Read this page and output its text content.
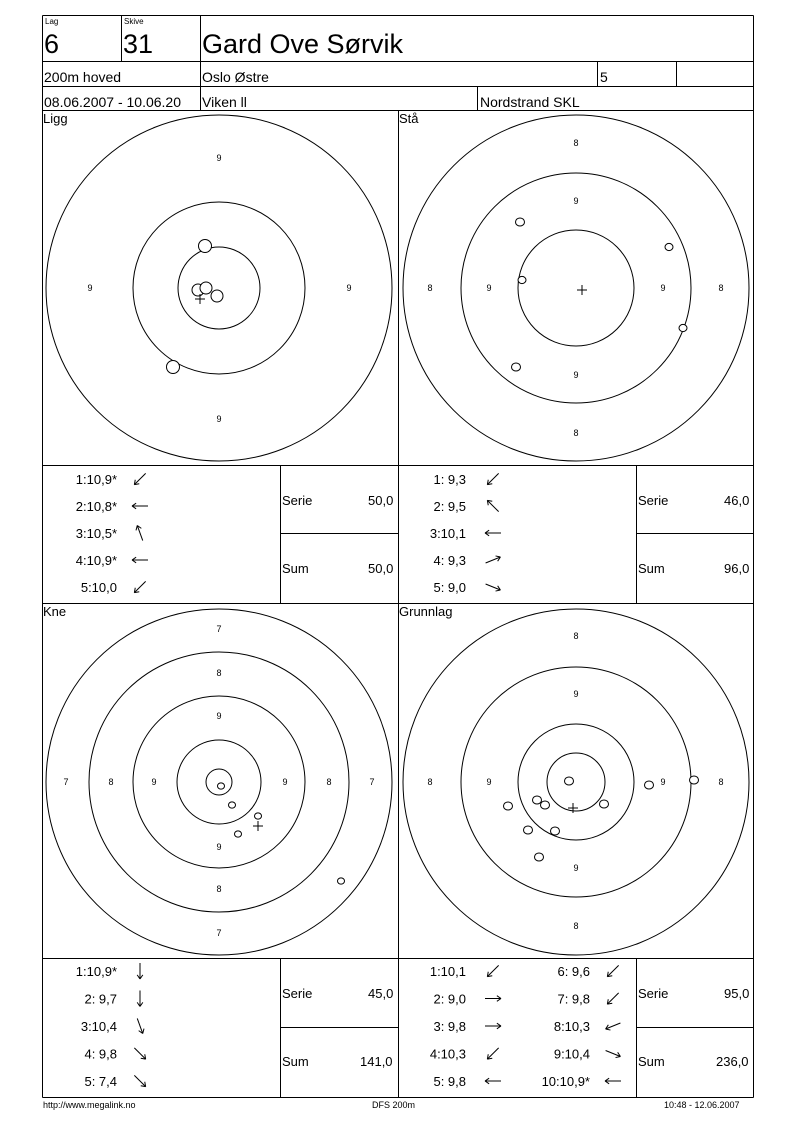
Lag
6
Skive
31 Gard Ove Sørvik
200m hoved	Oslo Østre	5
08.06.2007 - 10.06.20 Viken ll	Nordstrand SKL
Ligg	Stå
Kne	Grunnlag
Serie	50,0
Sum	50,0
Serie	46,0
Sum	96,0
Serie	45,0
Sum	141,0
Serie	95,0
Sum	236,0
http://www.megalink.no	DFS 200m	10:48 - 12.06.2007
9
9
9	9
8
9
9
8
8	9	9	8
7
8
9
9
8
7
7	8	9	9	8	7
8
9
9
8
8	9	9	8
1:10,9*
2:10,8*
3:10,5*
4:10,9*
5:10,0
1: 9,3
2: 9,5
3:10,1
4: 9,3
5: 9,0
1:10,9*
2: 9,7
3:10,4
4: 9,8
5: 7,4
1:10,1
2: 9,0
3: 9,8
4:10,3
5: 9,8
6: 9,6
7: 9,8
8:10,3
9:10,4
10:10,9*
